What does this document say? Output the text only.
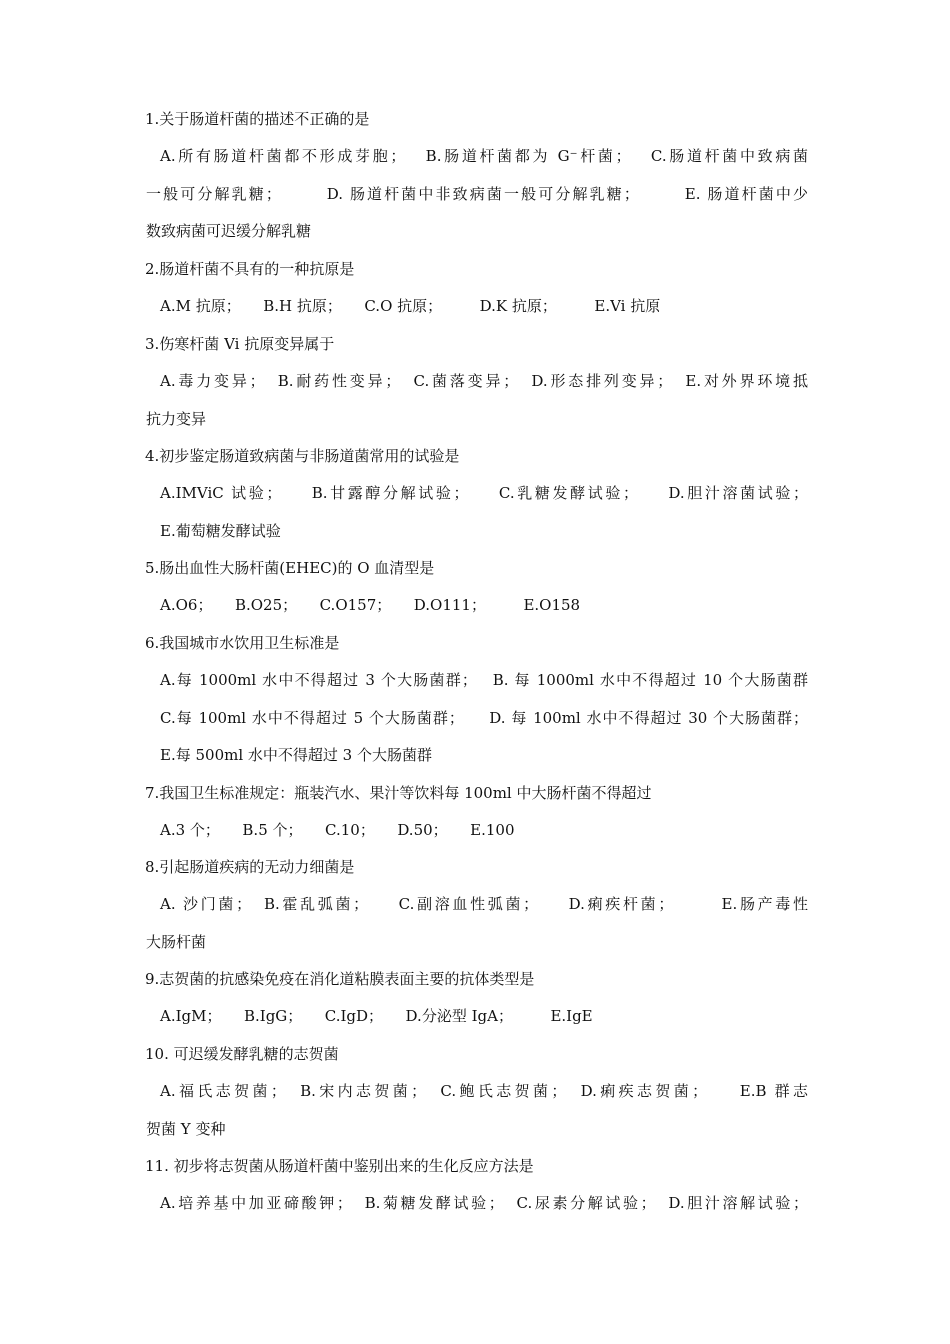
1.关于肠道杆菌的描述不正确的是
A.所有肠道杆菌都不形成芽胞；　 B.肠道杆菌都为 G⁻杆菌；　 C.肠道杆菌中致病菌
一般可分解乳糖；　　　D. 肠道杆菌中非致病菌一般可分解乳糖；　　　E. 肠道杆菌中少
数致病菌可迟缓分解乳糖
2.肠道杆菌不具有的一种抗原是
A.M 抗原；　　B.H 抗原；　　C.O 抗原；　　　D.K 抗原；　　　E.Vi 抗原
3.伤寒杆菌 Vi 抗原变异属于
A.毒力变异；　B.耐药性变异；　C.菌落变异；　D.形态排列变异；　E.对外界环境抵
抗力变异
4.初步鉴定肠道致病菌与非肠道菌常用的试验是
A.IMViC 试验；　　B.甘露醇分解试验；　　C.乳糖发酵试验；　　D.胆汁溶菌试验；
E.葡萄糖发酵试验
5.肠出血性大肠杆菌(EHEC)的 O 血清型是
A.O6；　　B.O25；　　C.O157；　　D.O111；　　　E.O158
6.我国城市水饮用卫生标准是
A.每 1000ml 水中不得超过 3 个大肠菌群；　 B. 每 1000ml 水中不得超过 10 个大肠菌群
C.每 100ml 水中不得超过 5 个大肠菌群；　　D. 每 100ml 水中不得超过 30 个大肠菌群；
E.每 500ml 水中不得超过 3 个大肠菌群
7.我国卫生标准规定：瓶装汽水、果汁等饮料每 100ml 中大肠杆菌不得超过
A.3 个；　　B.5 个；　　C.10；　　D.50；　　E.100
8.引起肠道疾病的无动力细菌是
A. 沙门菌；　B.霍乱弧菌；　　C.副溶血性弧菌；　　D.痢疾杆菌；　　　E.肠产毒性
大肠杆菌
9.志贺菌的抗感染免疫在消化道粘膜表面主要的抗体类型是
A.IgM；　　B.IgG；　　C.IgD；　　D.分泌型 IgA；　　　E.IgE
10. 可迟缓发酵乳糖的志贺菌
A.福氏志贺菌；　B.宋内志贺菌；　C.鲍氏志贺菌；　D.痢疾志贺菌；　　E.B 群志
贺菌 Y 变种
11. 初步将志贺菌从肠道杆菌中鉴别出来的生化反应方法是
A.培养基中加亚碲酸钾；　B.菊糖发酵试验；　C.尿素分解试验；　D.胆汁溶解试验；
